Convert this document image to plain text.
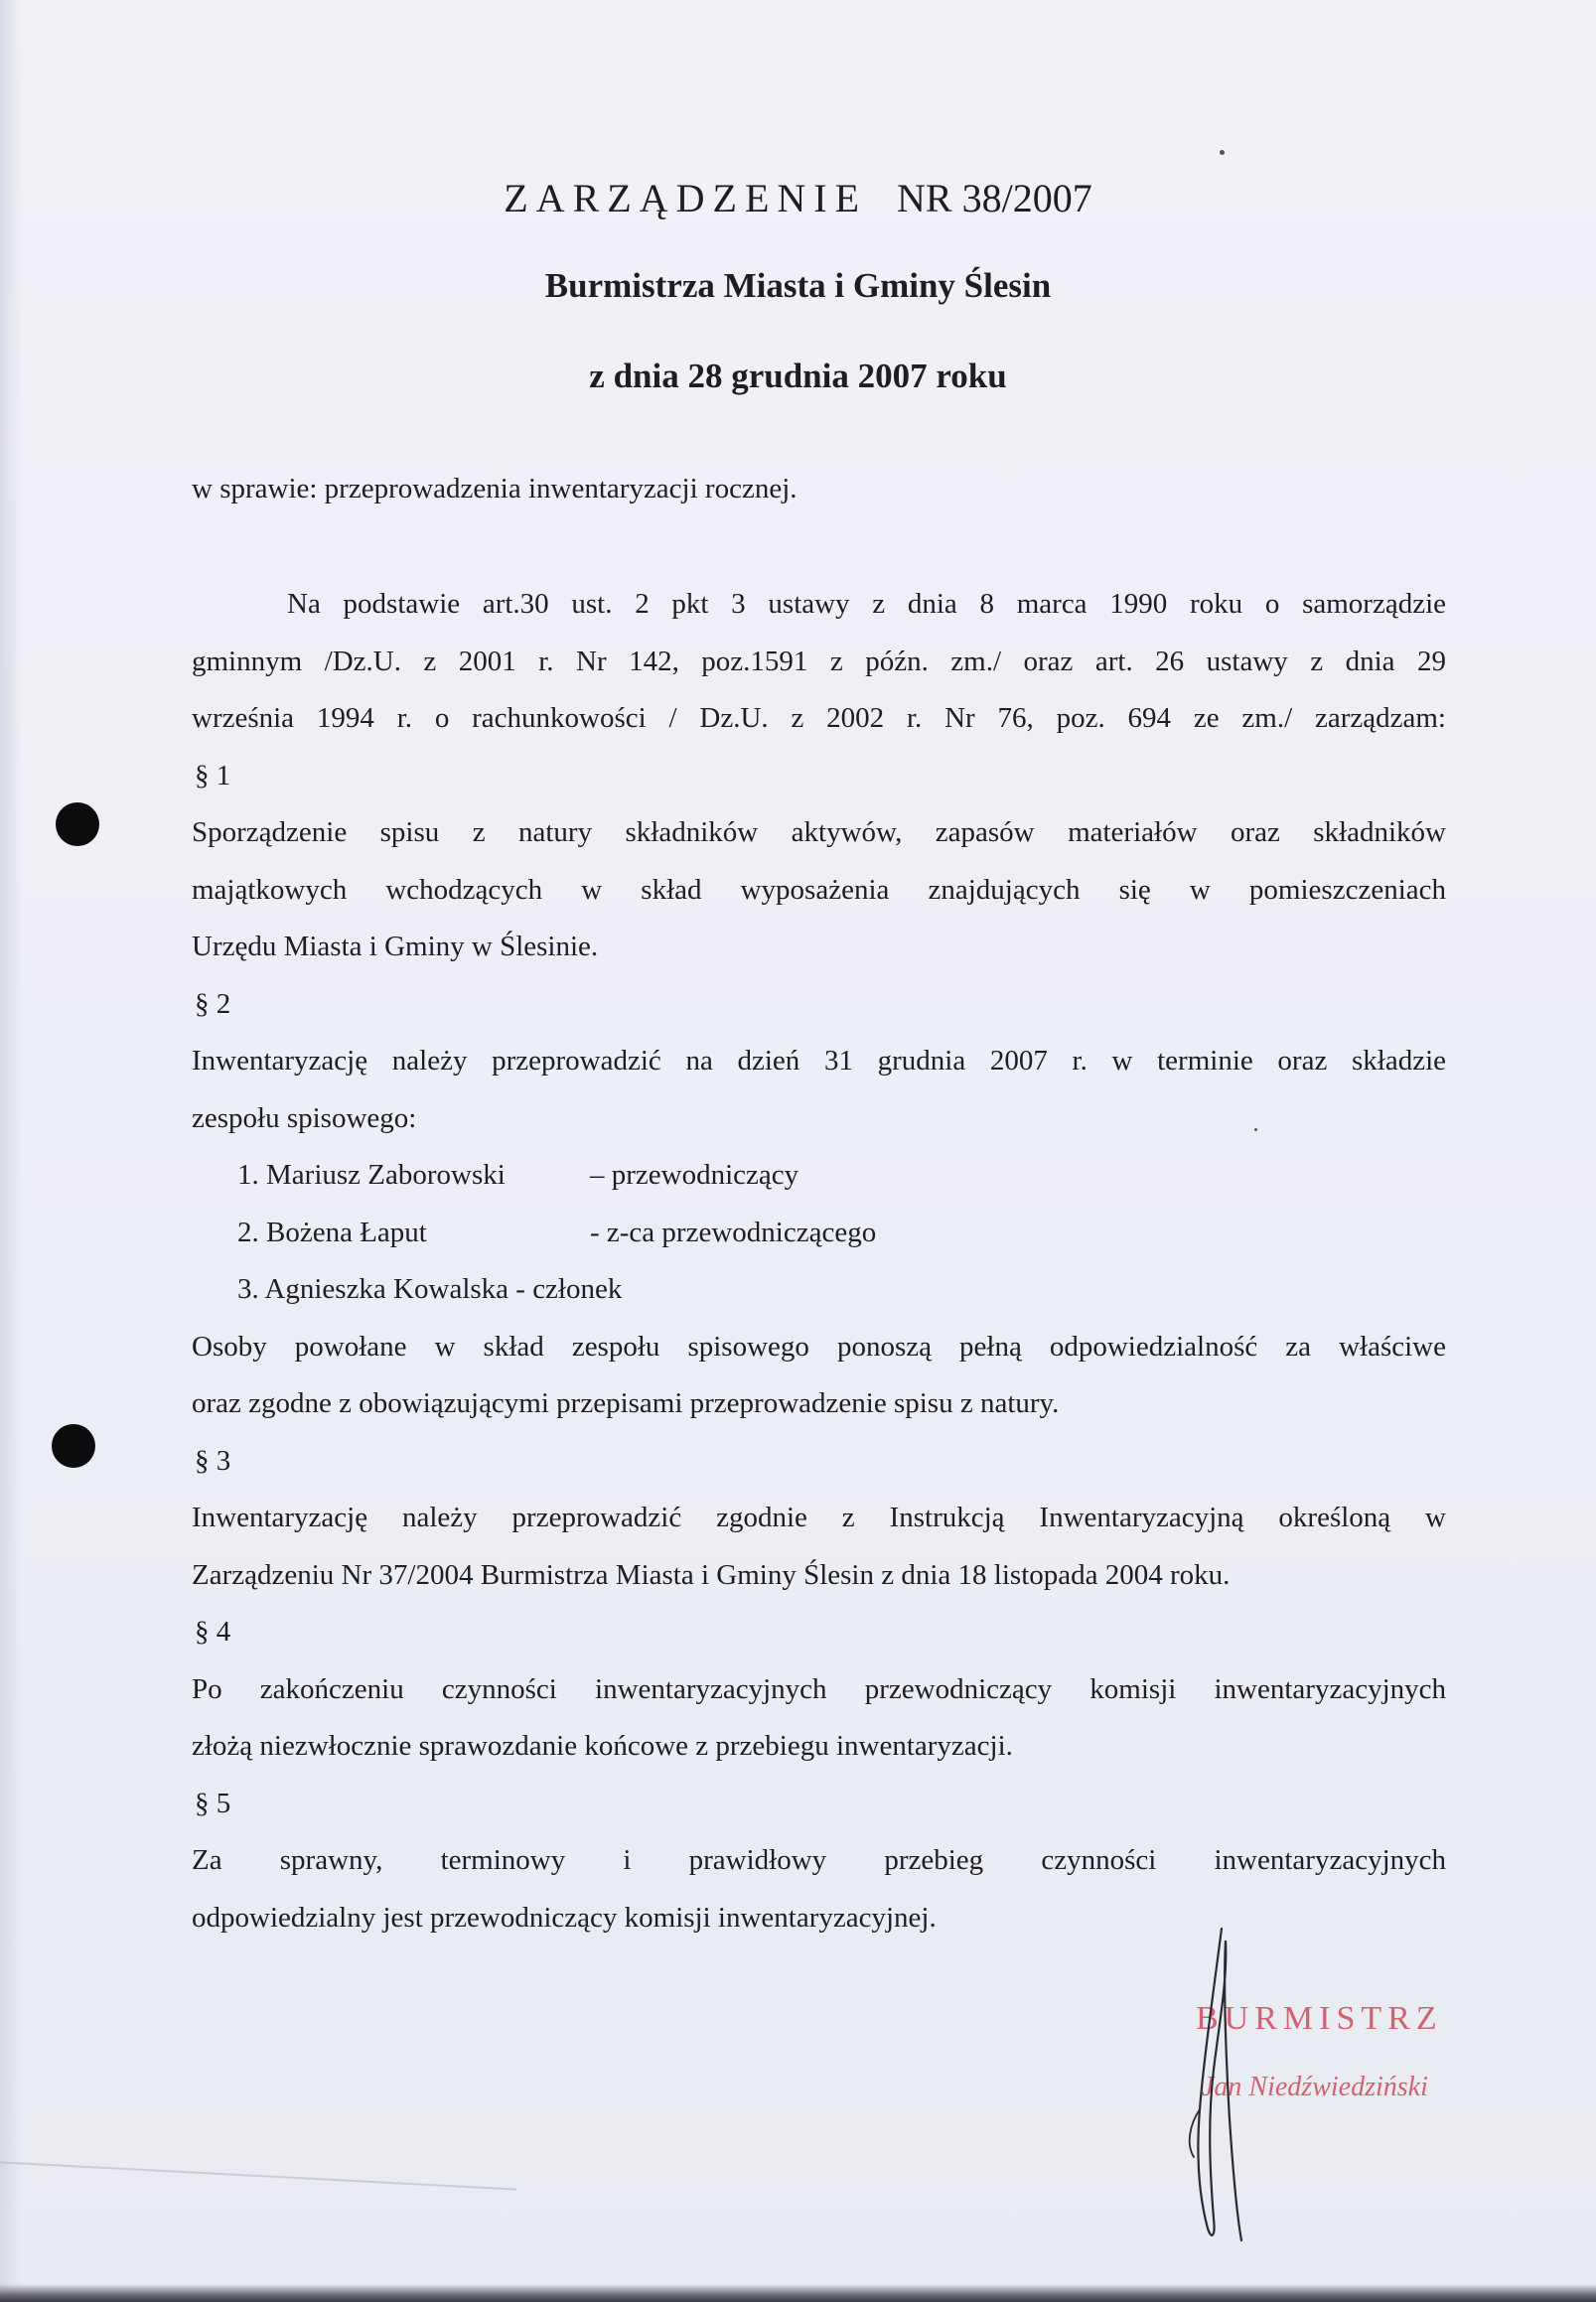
ZARZĄDZENIE NR 38/2007
Burmistrza Miasta i Gminy Ślesin
z dnia 28 grudnia 2007 roku
w sprawie: przeprowadzenia inwentaryzacji rocznej.
Na podstawie art.30 ust. 2 pkt 3 ustawy z dnia 8 marca 1990 roku o samorządzie
gminnym /Dz.U. z 2001 r. Nr 142, poz.1591 z późn. zm./ oraz art. 26 ustawy z dnia 29
września 1994 r. o rachunkowości / Dz.U. z 2002 r. Nr 76, poz. 694 ze zm./ zarządzam:
§ 1
Sporządzenie spisu z natury składników aktywów, zapasów materiałów oraz składników
majątkowych wchodzących w skład wyposażenia znajdujących się w pomieszczeniach
Urzędu Miasta i Gminy w Ślesinie.
§ 2
Inwentaryzację należy przeprowadzić na dzień 31 grudnia 2007 r. w terminie oraz składzie
zespołu spisowego:
1. Mariusz Zaborowski	– przewodniczący
2. Bożena Łaput	- z-ca przewodniczącego
3. Agnieszka Kowalska - członek
Osoby powołane w skład zespołu spisowego ponoszą pełną odpowiedzialność za właściwe
oraz zgodne z obowiązującymi przepisami przeprowadzenie spisu z natury.
§ 3
Inwentaryzację należy przeprowadzić zgodnie z Instrukcją Inwentaryzacyjną określoną w
Zarządzeniu Nr 37/2004 Burmistrza Miasta i Gminy Ślesin z dnia 18 listopada 2004 roku.
§ 4
Po zakończeniu czynności inwentaryzacyjnych przewodniczący komisji inwentaryzacyjnych
złożą niezwłocznie sprawozdanie końcowe z przebiegu inwentaryzacji.
§ 5
Za sprawny, terminowy i prawidłowy przebieg czynności inwentaryzacyjnych
odpowiedzialny jest przewodniczący komisji inwentaryzacyjnej.
BURMISTRZ
Jan Niedźwiedziński
